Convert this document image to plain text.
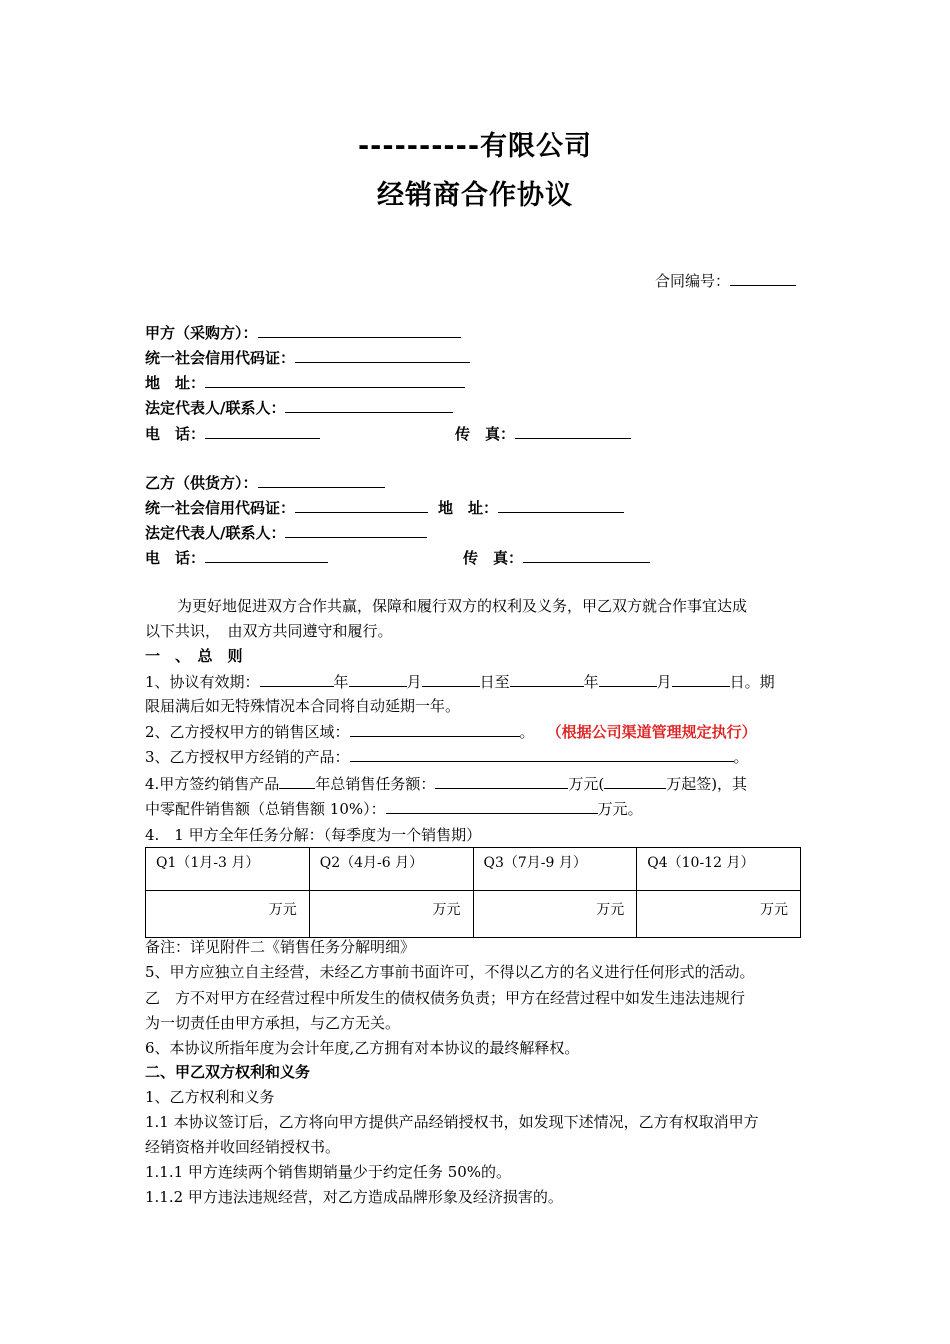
----------有限公司
经销商合作协议
合同编号：
甲方（采购方）：
统一社会信用代码证：
地　址：
法定代表人/联系人：
电　话：	传　真：
乙方（供货方）：
统一社会信用代码证：	地　址：
法定代表人/联系人：
电　话：	传　真：
为更好地促进双方合作共赢，保障和履行双方的权利及义务，甲乙双方就合作事宜达成
以下共识，　由双方共同遵守和履行。
一　、　总　则
1、协议有效期：	年	月	日至	年	月	日。期
限届满后如无特殊情况本合同将自动延期一年。
2、乙方授权甲方的销售区域：	。 （根据公司渠道管理规定执行）
3、乙方授权甲方经销的产品：	。
4.甲方签约销售产品 年总销售任务额：	万元(	万起签)，其
中零配件销售额（总销售额 10%）：	万元。
4.　1 甲方全年任务分解：（每季度为一个销售期）
Q1（1月-3 月）	Q2（4月-6 月）	Q3（7月-9 月）	Q4（10-12 月）
万元	万元	万元	万元
备注：详见附件二《销售任务分解明细》
5、甲方应独立自主经营，未经乙方事前书面许可，不得以乙方的名义进行任何形式的活动。
乙　方不对甲方在经营过程中所发生的债权债务负责；甲方在经营过程中如发生违法违规行
为一切责任由甲方承担，与乙方无关。
6、本协议所指年度为会计年度,乙方拥有对本协议的最终解释权。
二、甲乙双方权利和义务
1、乙方权利和义务
1.1 本协议签订后，乙方将向甲方提供产品经销授权书，如发现下述情况，乙方有权取消甲方
经销资格并收回经销授权书。
1.1.1 甲方连续两个销售期销量少于约定任务 50%的。
1.1.2 甲方违法违规经营，对乙方造成品牌形象及经济损害的。
